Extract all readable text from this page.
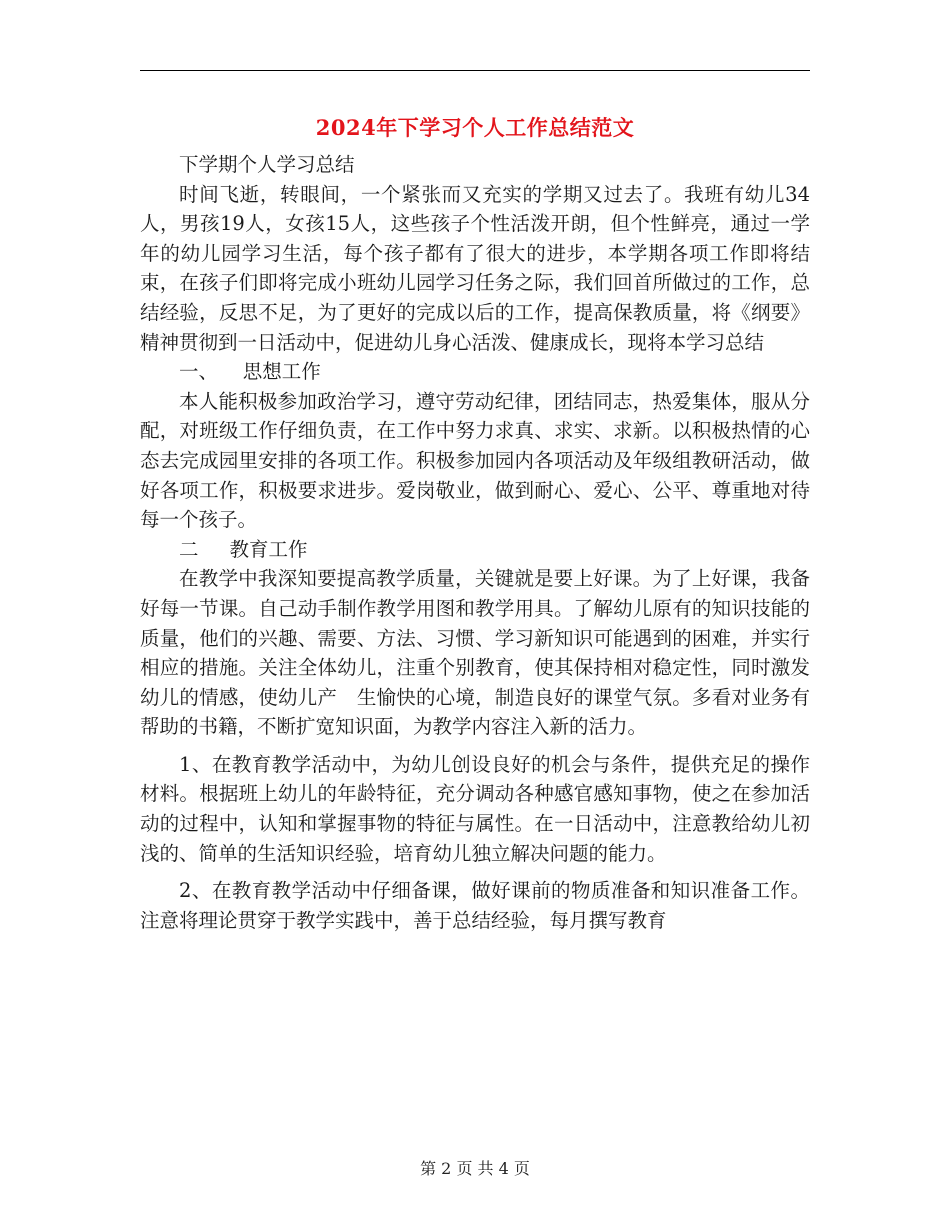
2024年下学习个人工作总结范文

下学期个人学习总结

时间飞逝，转眼间，一个紧张而又充实的学期又过去了。我班有幼儿34人，男孩19人，女孩15人，这些孩子个性活泼开朗，但个性鲜亮，通过一学年的幼儿园学习生活，每个孩子都有了很大的进步，本学期各项工作即将结束，在孩子们即将完成小班幼儿园学习任务之际，我们回首所做过的工作，总结经验，反思不足，为了更好的完成以后的工作，提高保教质量，将《纲要》精神贯彻到一日活动中，促进幼儿身心活泼、健康成长，现将本学习总结

一、    思想工作

本人能积极参加政治学习，遵守劳动纪律，团结同志，热爱集体，服从分配，对班级工作仔细负责，在工作中努力求真、求实、求新。以积极热情的心态去完成园里安排的各项工作。积极参加园内各项活动及年级组教研活动，做好各项工作，积极要求进步。爱岗敬业，做到耐心、爱心、公平、尊重地对待每一个孩子。

二     教育工作

在教学中我深知要提高教学质量，关键就是要上好课。为了上好课，我备好每一节课。自己动手制作教学用图和教学用具。了解幼儿原有的知识技能的质量，他们的兴趣、需要、方法、习惯、学习新知识可能遇到的困难，并实行相应的措施。关注全体幼儿，注重个别教育，使其保持相对稳定性，同时激发幼儿的情感，使幼儿产　生愉快的心境，制造良好的课堂气氛。多看对业务有帮助的书籍，不断扩宽知识面，为教学内容注入新的活力。

1、在教育教学活动中，为幼儿创设良好的机会与条件，提供充足的操作材料。根据班上幼儿的年龄特征，充分调动各种感官感知事物，使之在参加活动的过程中，认知和掌握事物的特征与属性。在一日活动中，注意教给幼儿初浅的、简单的生活知识经验，培育幼儿独立解决问题的能力。

2、在教育教学活动中仔细备课，做好课前的物质准备和知识准备工作。注意将理论贯穿于教学实践中，善于总结经验，每月撰写教育

第 2 页 共 4 页
